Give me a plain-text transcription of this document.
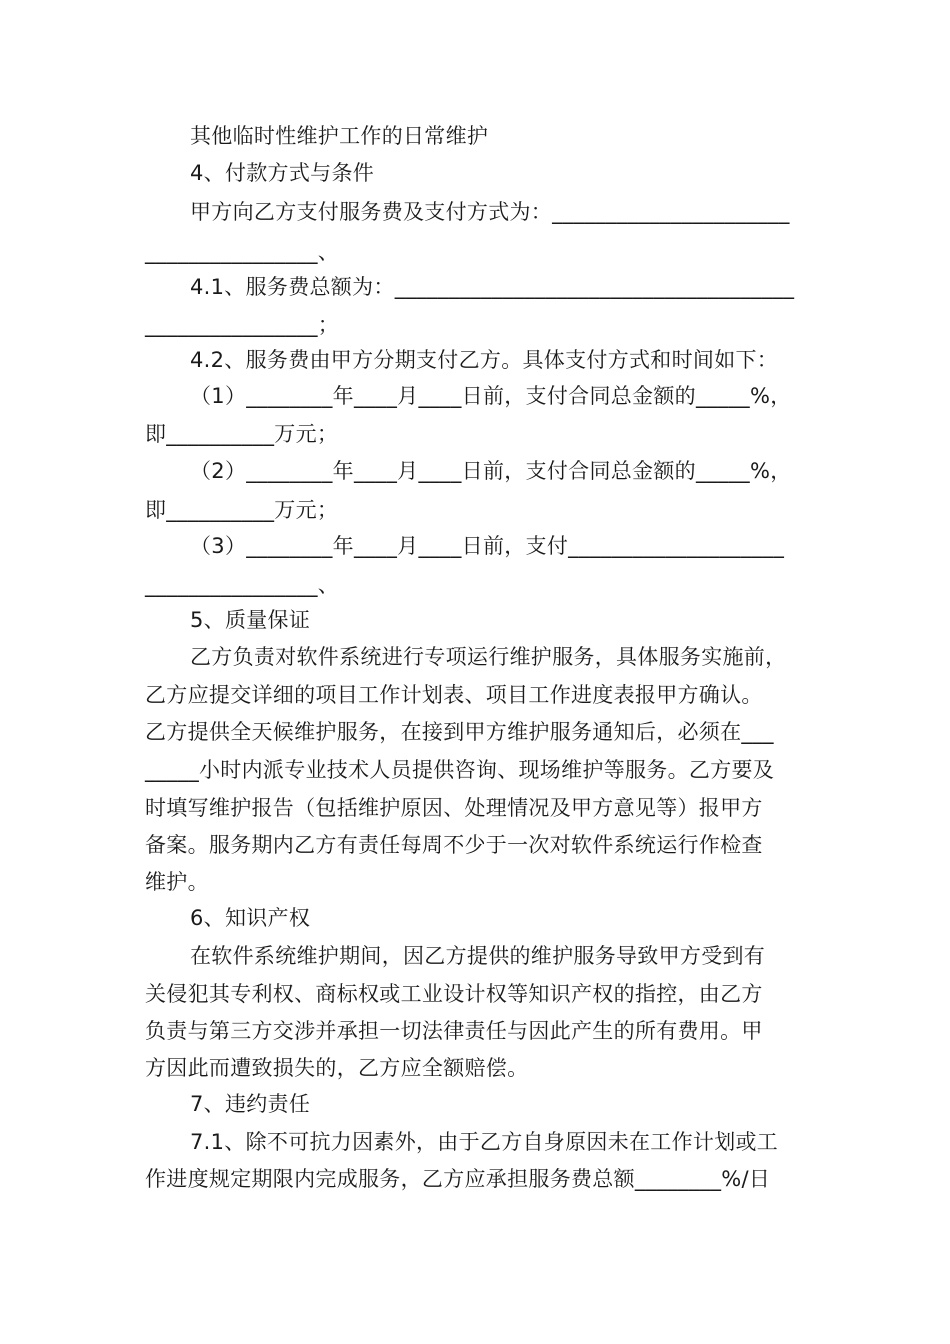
其他临时性维护工作的日常维护
4、付款方式与条件
甲方向乙方支付服务费及支付方式为：______________________
________________、
4.1、服务费总额为：_____________________________________
________________；
4.2、服务费由甲方分期支付乙方。具体支付方式和时间如下：
（1）________年____月____日前，支付合同总金额的_____%，
即__________万元；
（2）________年____月____日前，支付合同总金额的_____%，
即__________万元；
（3）________年____月____日前，支付____________________
________________、
5、质量保证
乙方负责对软件系统进行专项运行维护服务，具体服务实施前，
乙方应提交详细的项目工作计划表、项目工作进度表报甲方确认。
乙方提供全天候维护服务，在接到甲方维护服务通知后，必须在___
_____小时内派专业技术人员提供咨询、现场维护等服务。乙方要及
时填写维护报告（包括维护原因、处理情况及甲方意见等）报甲方
备案。服务期内乙方有责任每周不少于一次对软件系统运行作检查
维护。
6、知识产权
在软件系统维护期间，因乙方提供的维护服务导致甲方受到有
关侵犯其专利权、商标权或工业设计权等知识产权的指控，由乙方
负责与第三方交涉并承担一切法律责任与因此产生的所有费用。甲
方因此而遭致损失的，乙方应全额赔偿。
7、违约责任
7.1、除不可抗力因素外，由于乙方自身原因未在工作计划或工
作进度规定期限内完成服务，乙方应承担服务费总额________%/日
